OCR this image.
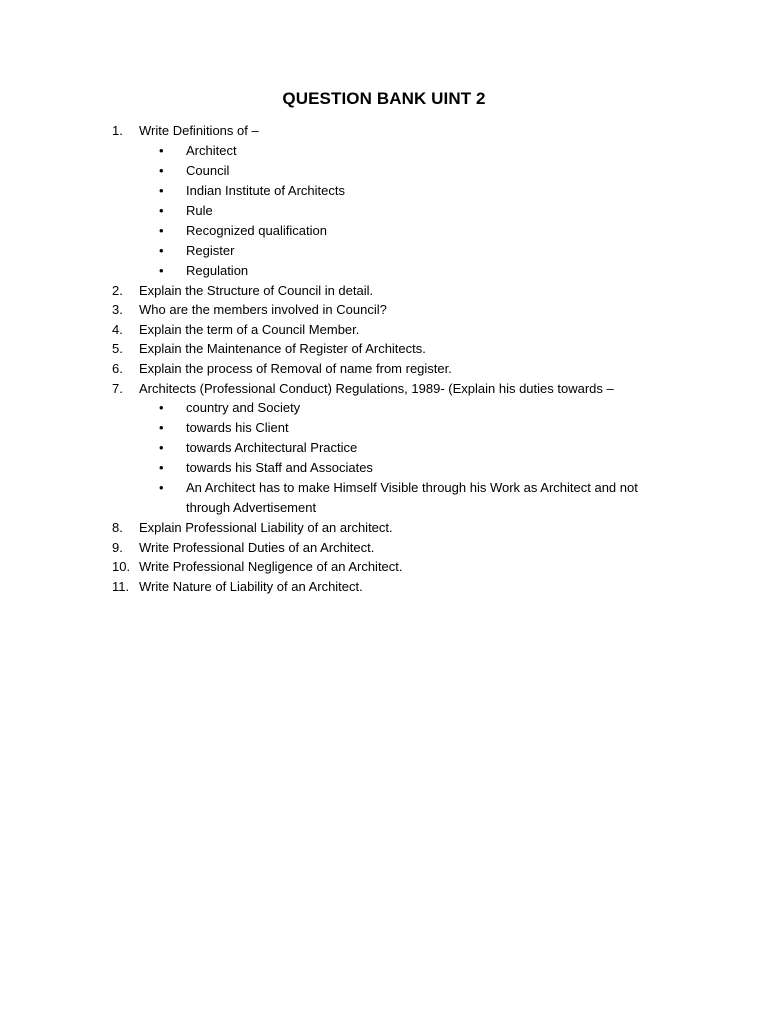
QUESTION BANK UINT 2
1.	Write Definitions of –
• Architect
• Council
• Indian Institute of Architects
• Rule
• Recognized qualification
• Register
• Regulation
2.	Explain the Structure of Council in detail.
3.	Who are the members involved in Council?
4.	Explain the term of a Council Member.
5.	Explain the Maintenance of Register of Architects.
6.	Explain the process of Removal of name from register.
7.	Architects (Professional Conduct) Regulations, 1989- (Explain his duties towards –
• country and Society
• towards his Client
• towards Architectural Practice
• towards his Staff and Associates
• An Architect has to make Himself Visible through his Work as Architect and not through Advertisement
8.	Explain Professional Liability of an architect.
9.	Write Professional Duties of an Architect.
10. Write Professional Negligence of an Architect.
11. Write Nature of Liability of an Architect.
